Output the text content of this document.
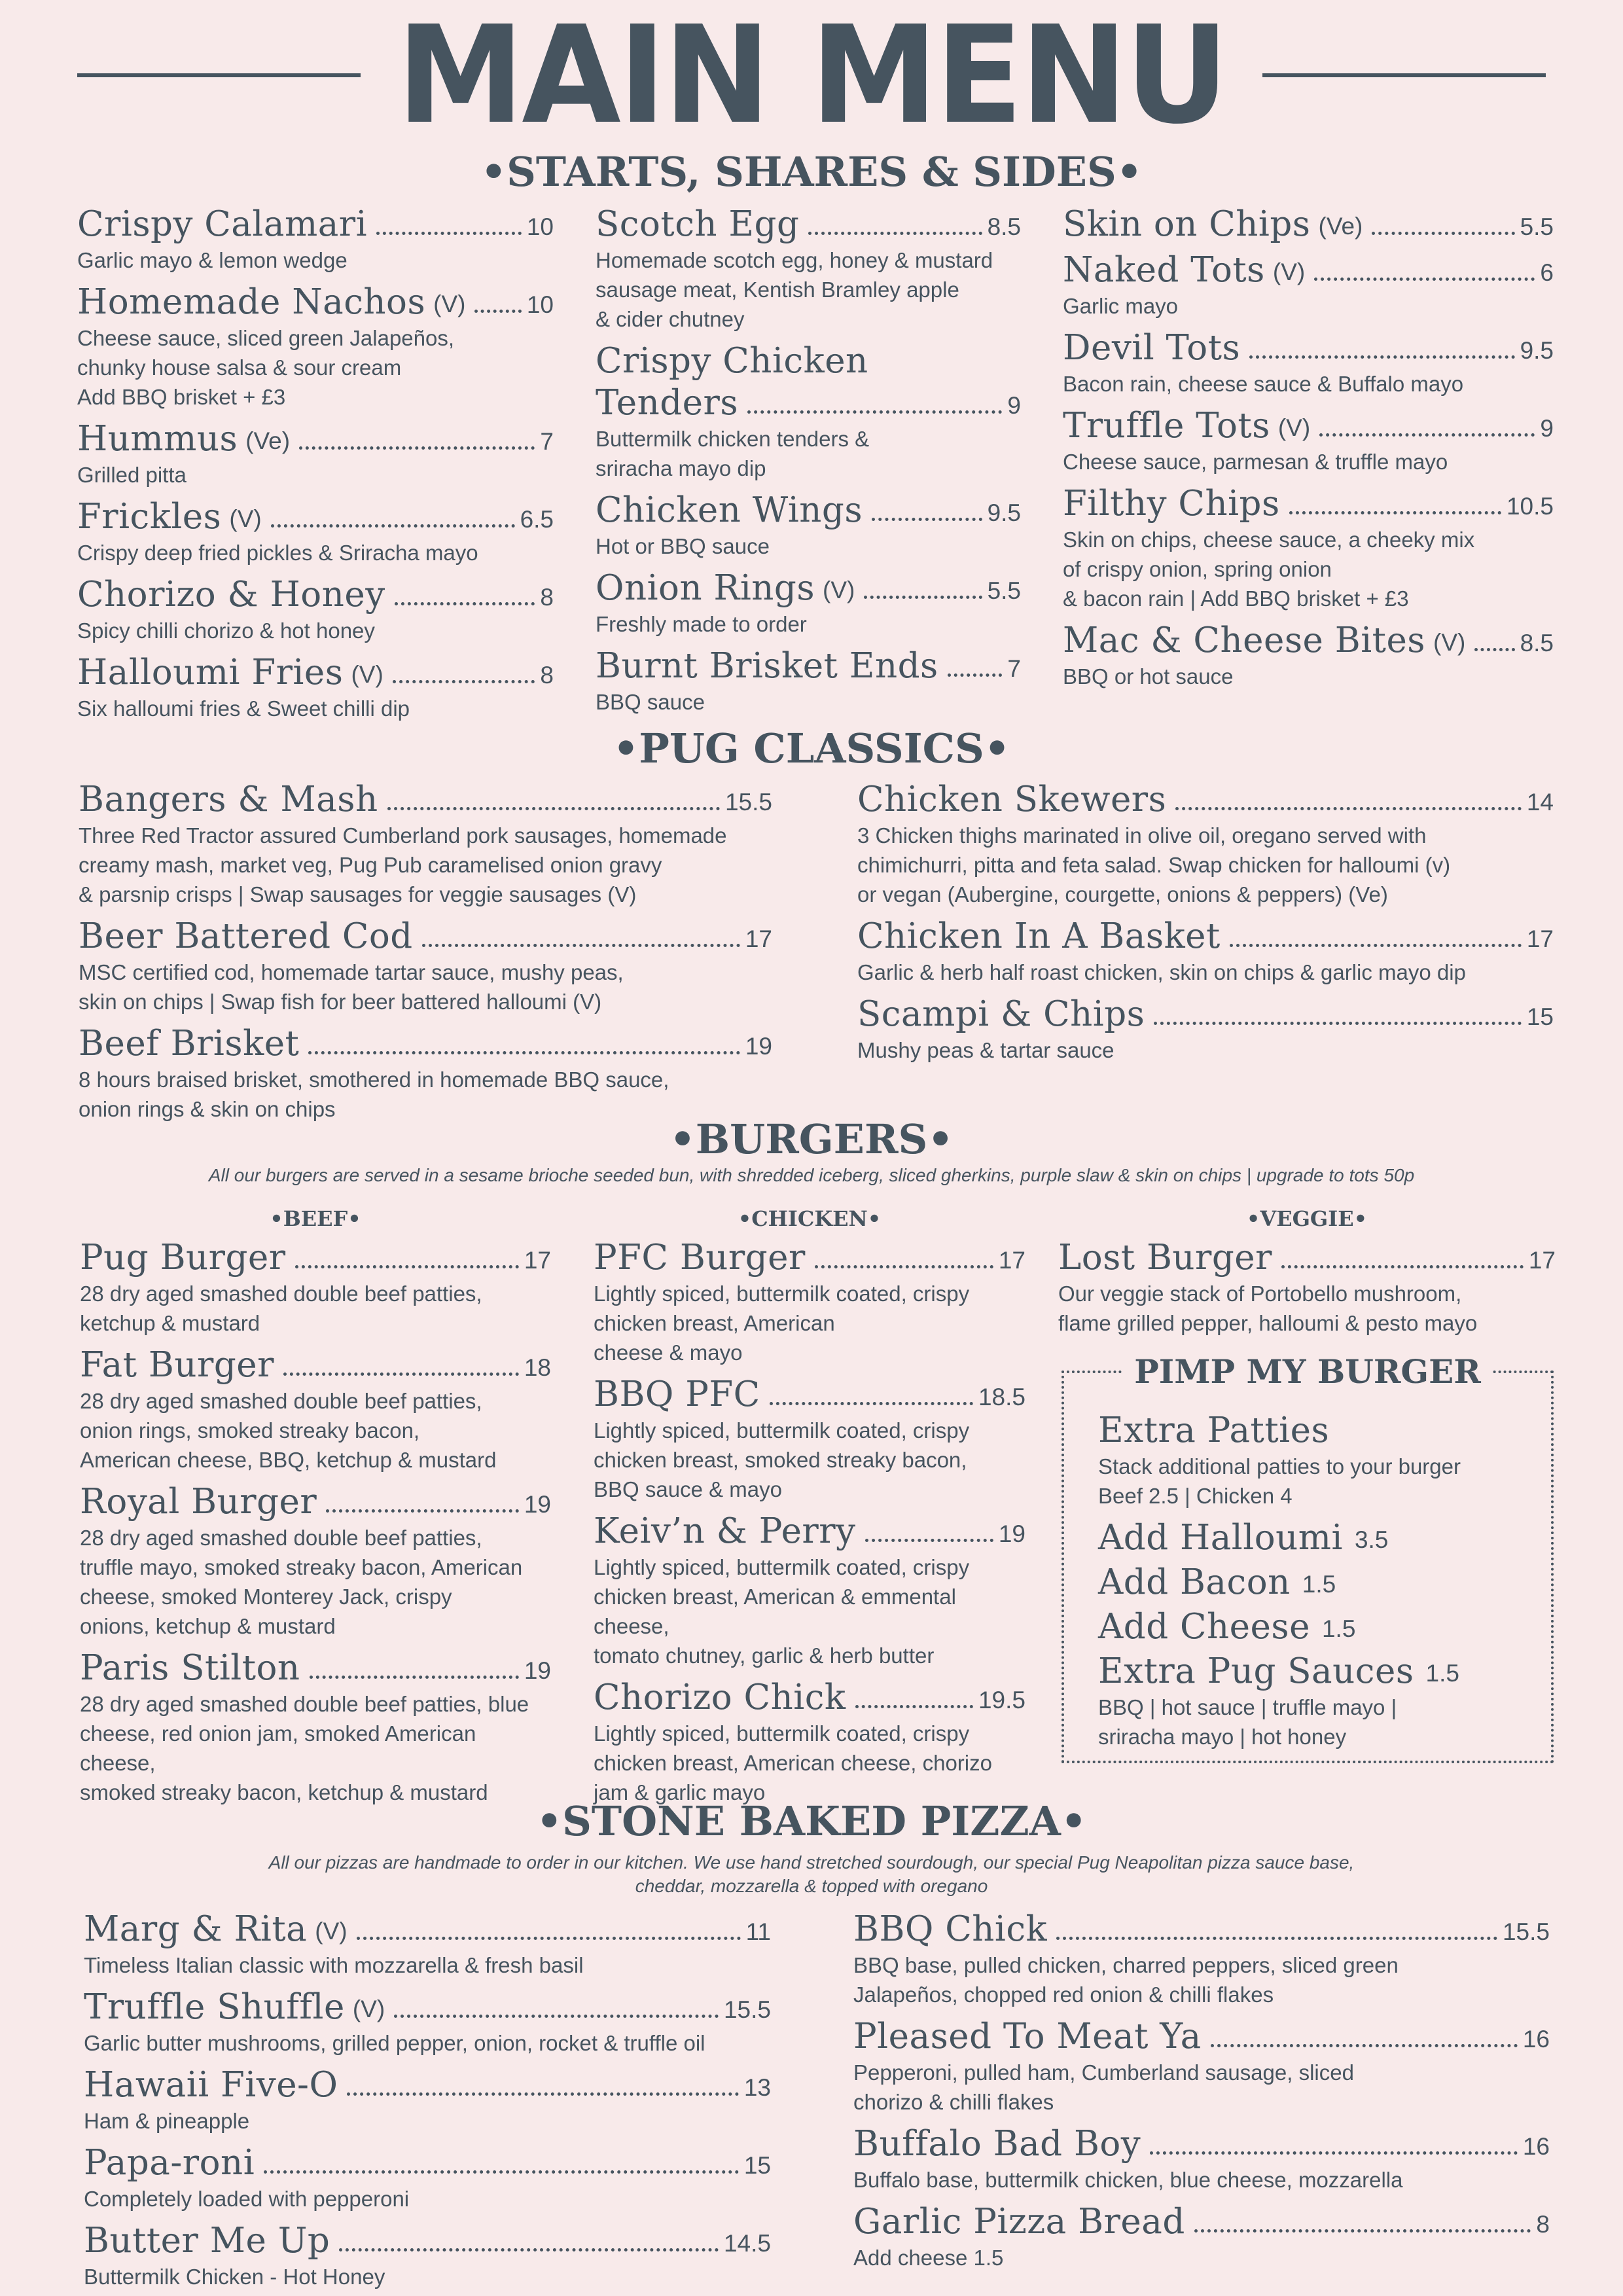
MAIN MENU
•STARTS, SHARES & SIDES•
Crispy Calamari	10
Garlic mayo & lemon wedge
Homemade Nachos (V)	10
Cheese sauce, sliced green Jalapeños,
chunky house salsa & sour cream
Add BBQ brisket + £3
Hummus (Ve)	7
Grilled pitta
Frickles (V)	6.5
Crispy deep fried pickles & Sriracha mayo
Chorizo & Honey	8
Spicy chilli chorizo & hot honey
Halloumi Fries (V)	8
Six halloumi fries & Sweet chilli dip
Scotch Egg	8.5
Homemade scotch egg, honey & mustard
sausage meat, Kentish Bramley apple
& cider chutney
Crispy Chicken
Tenders	9
Buttermilk chicken tenders &
sriracha mayo dip
Chicken Wings	9.5
Hot or BBQ sauce
Onion Rings (V)	5.5
Freshly made to order
Burnt Brisket Ends	7
BBQ sauce
Skin on Chips (Ve)	5.5
Naked Tots (V)	6
Garlic mayo
Devil Tots	9.5
Bacon rain, cheese sauce & Buffalo mayo
Truffle Tots (V)	9
Cheese sauce, parmesan & truffle mayo
Filthy Chips	10.5
Skin on chips, cheese sauce, a cheeky mix
of crispy onion, spring onion
& bacon rain | Add BBQ brisket + £3
Mac & Cheese Bites (V) 8.5
BBQ or hot sauce
•PUG CLASSICS•
Bangers & Mash	15.5
Three Red Tractor assured Cumberland pork sausages, homemade
creamy mash, market veg, Pug Pub caramelised onion gravy
& parsnip crisps | Swap sausages for veggie sausages (V)
Beer Battered Cod	17
MSC certified cod, homemade tartar sauce, mushy peas,
skin on chips | Swap fish for beer battered halloumi (V)
Beef Brisket	19
8 hours braised brisket, smothered in homemade BBQ sauce,
onion rings & skin on chips
Chicken Skewers	14
3 Chicken thighs marinated in olive oil, oregano served with
chimichurri, pitta and feta salad. Swap chicken for halloumi (v)
or vegan (Aubergine, courgette, onions & peppers) (Ve)
Chicken In A Basket	17
Garlic & herb half roast chicken, skin on chips & garlic mayo dip
Scampi & Chips	15
Mushy peas & tartar sauce
•BURGERS•
All our burgers are served in a sesame brioche seeded bun, with shredded iceberg, sliced gherkins, purple slaw & skin on chips | upgrade to tots 50p
•BEEF•
Pug Burger	17
28 dry aged smashed double beef patties,
ketchup & mustard
Fat Burger	18
28 dry aged smashed double beef patties,
onion rings, smoked streaky bacon,
American cheese, BBQ, ketchup & mustard
Royal Burger	19
28 dry aged smashed double beef patties,
truffle mayo, smoked streaky bacon, American
cheese, smoked Monterey Jack, crispy
onions, ketchup & mustard
Paris Stilton	19
28 dry aged smashed double beef patties, blue
cheese, red onion jam, smoked American cheese,
smoked streaky bacon, ketchup & mustard
•CHICKEN•
PFC Burger	17
Lightly spiced, buttermilk coated, crispy
chicken breast, American
cheese & mayo
BBQ PFC	18.5
Lightly spiced, buttermilk coated, crispy
chicken breast, smoked streaky bacon,
BBQ sauce & mayo
Keiv’n & Perry	19
Lightly spiced, buttermilk coated, crispy
chicken breast, American & emmental cheese,
tomato chutney, garlic & herb butter
Chorizo Chick	19.5
Lightly spiced, buttermilk coated, crispy
chicken breast, American cheese, chorizo
jam & garlic mayo
•VEGGIE•
Lost Burger	17
Our veggie stack of Portobello mushroom,
flame grilled pepper, halloumi & pesto mayo
PIMP MY BURGER
Extra Patties
Stack additional patties to your burger
Beef 2.5 | Chicken 4
Add Halloumi 3.5
Add Bacon 1.5
Add Cheese 1.5
Extra Pug Sauces 1.5
BBQ | hot sauce | truffle mayo |
sriracha mayo | hot honey
•STONE BAKED PIZZA•
All our pizzas are handmade to order in our kitchen. We use hand stretched sourdough, our special Pug Neapolitan pizza sauce base,
cheddar, mozzarella & topped with oregano
Marg & Rita (V)	11
Timeless Italian classic with mozzarella & fresh basil
Truffle Shuffle (V)	15.5
Garlic butter mushrooms, grilled pepper, onion, rocket & truffle oil
Hawaii Five-O	13
Ham & pineapple
Papa-roni	15
Completely loaded with pepperoni
Butter Me Up	14.5
Buttermilk Chicken - Hot Honey
BBQ Chick	15.5
BBQ base, pulled chicken, charred peppers, sliced green
Jalapeños, chopped red onion & chilli flakes
Pleased To Meat Ya	16
Pepperoni, pulled ham, Cumberland sausage, sliced
chorizo & chilli flakes
Buffalo Bad Boy	16
Buffalo base, buttermilk chicken, blue cheese, mozzarella
Garlic Pizza Bread	8
Add cheese 1.5
